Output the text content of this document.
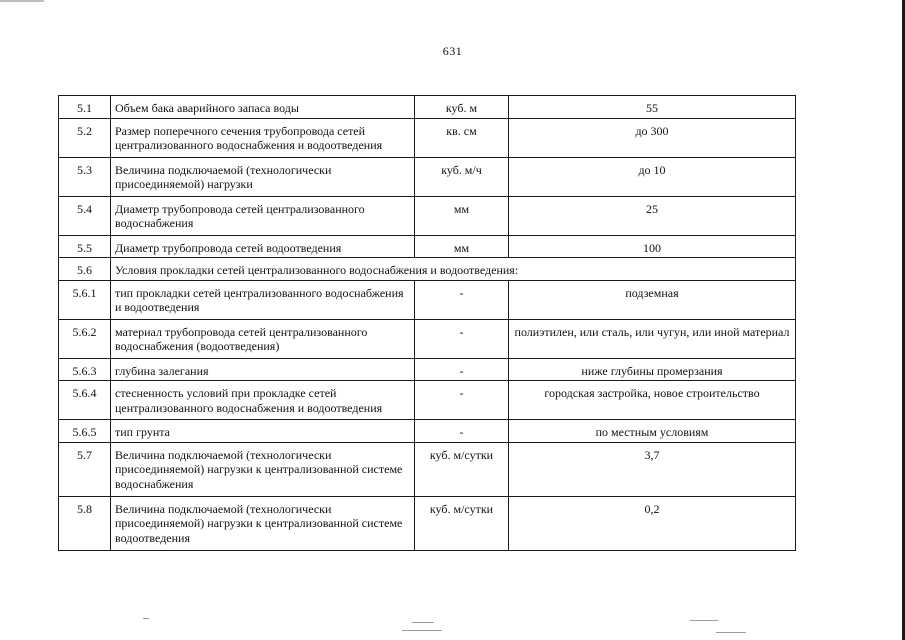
631
5.1	Объем бака аварийного запаса воды	куб. м	55
5.2	Размер поперечного сечения трубопровода сетей централизованного водоснабжения и водоотведения	кв. см	до 300
5.3	Величина подключаемой (технологически присоединяемой) нагрузки	куб. м/ч	до 10
5.4	Диаметр трубопровода сетей централизованного водоснабжения	мм	25
5.5	Диаметр трубопровода сетей водоотведения	мм	100
5.6	Условия прокладки сетей централизованного водоснабжения и водоотведения:		
5.6.1	тип прокладки сетей централизованного водоснабжения и водоотведения	-	подземная
5.6.2	материал трубопровода сетей централизованного водоснабжения (водоотведения)	-	полиэтилен, или сталь, или чугун, или иной материал
5.6.3	глубина залегания	-	ниже глубины промерзания
5.6.4	стесненность условий при прокладке сетей централизованного водоснабжения и водоотведения	-	городская застройка, новое строительство
5.6.5	тип грунта	-	по местным условиям
5.7	Величина подключаемой (технологически присоединяемой) нагрузки к централизованной системе водоснабжения	куб. м/сутки	3,7
5.8	Величина подключаемой (технологически присоединяемой) нагрузки к централизованной системе водоотведения	куб. м/сутки	0,2
